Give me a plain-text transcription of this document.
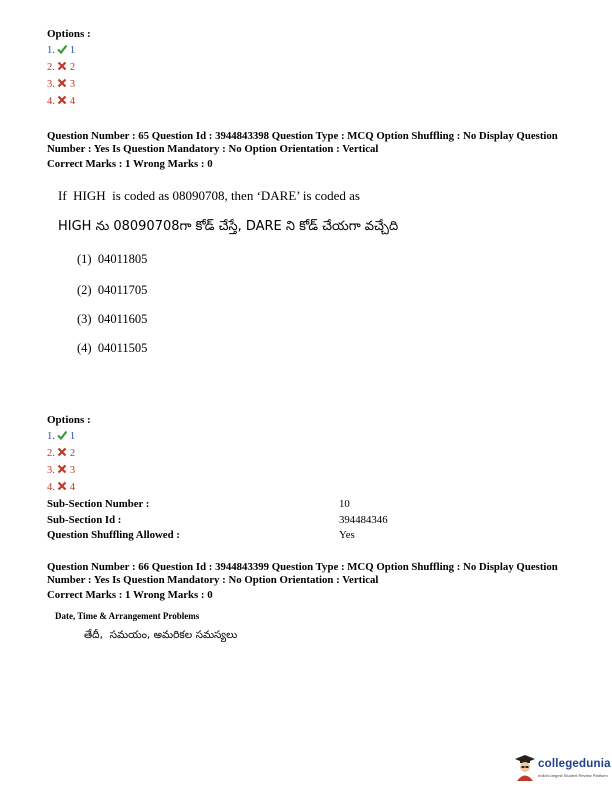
Options :
1. 1
2. 2
3. 3
4. 4
Question Number : 65 Question Id : 3944843398 Question Type : MCQ Option Shuffling : No Display Question
Number : Yes Is Question Mandatory : No Option Orientation : Vertical
Correct Marks : 1 Wrong Marks : 0
If  HIGH  is coded as 08090708, then ‘DARE’ is coded as
HIGH ను 08090708గా కోడ్ చేస్తే, DARE ని కోడ్ చేయగా వచ్చేది
(1)  04011805
(2)  04011705
(3)  04011605
(4)  04011505
Options :
1. 1
2. 2
3. 3
4. 4
Sub-Section Number :	10
Sub-Section Id :	394484346
Question Shuffling Allowed :	Yes
Question Number : 66 Question Id : 3944843399 Question Type : MCQ Option Shuffling : No Display Question
Number : Yes Is Question Mandatory : No Option Orientation : Vertical
Correct Marks : 1 Wrong Marks : 0
Date, Time & Arrangement Problems
తేదీ,  సమయం, అమరికల సమస్యలు
collegedunia
India's largest Student Review Platform
